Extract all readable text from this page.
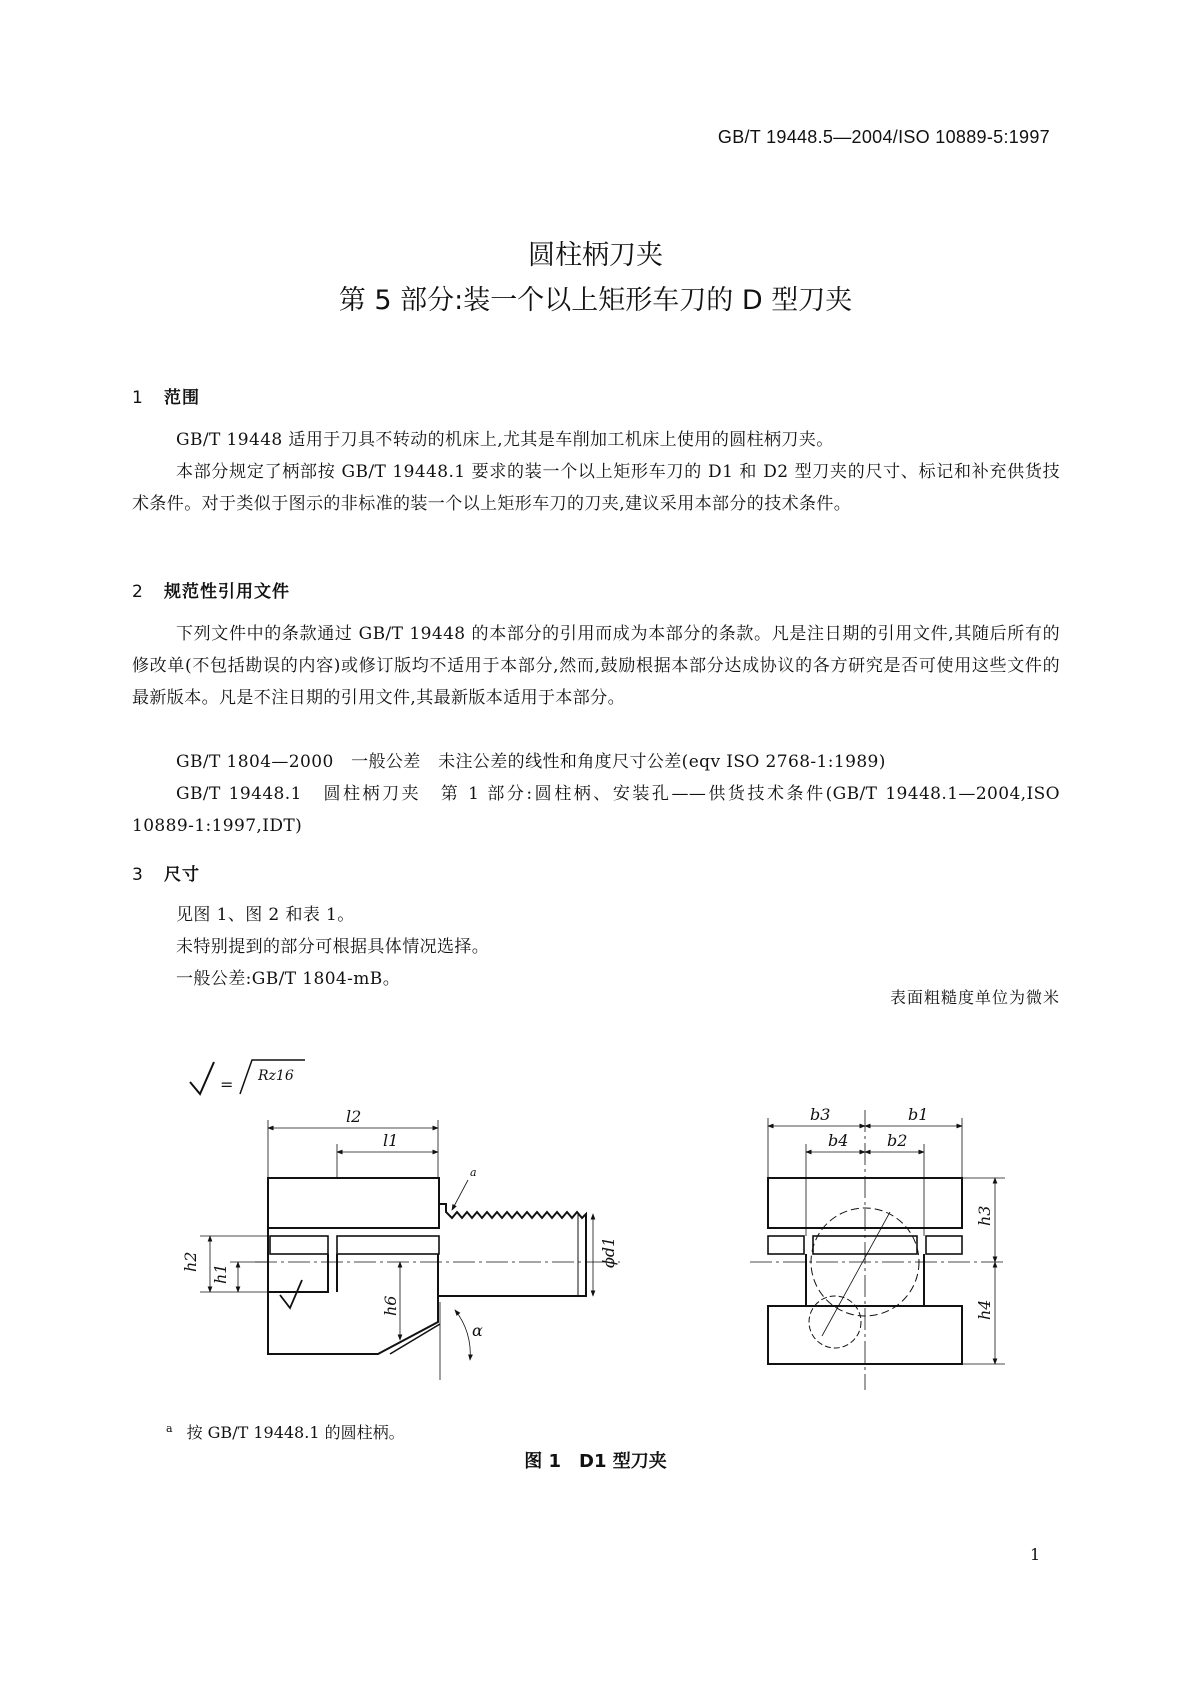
GB/T 19448.5—2004/ISO 10889-5:1997
圆柱柄刀夹
第 5 部分:装一个以上矩形车刀的 D 型刀夹
1 范围
GB/T 19448 适用于刀具不转动的机床上,尤其是车削加工机床上使用的圆柱柄刀夹。
本部分规定了柄部按 GB/T 19448.1 要求的装一个以上矩形车刀的 D1 和 D2 型刀夹的尺寸、标记和补充供货技术条件。对于类似于图示的非标准的装一个以上矩形车刀的刀夹,建议采用本部分的技术条件。
2 规范性引用文件
下列文件中的条款通过 GB/T 19448 的本部分的引用而成为本部分的条款。凡是注日期的引用文件,其随后所有的修改单(不包括勘误的内容)或修订版均不适用于本部分,然而,鼓励根据本部分达成协议的各方研究是否可使用这些文件的最新版本。凡是不注日期的引用文件,其最新版本适用于本部分。
GB/T 1804—2000　一般公差　未注公差的线性和角度尺寸公差(eqv ISO 2768-1:1989)
GB/T 19448.1　圆柱柄刀夹　第 1 部分:圆柱柄、安装孔——供货技术条件(GB/T 19448.1—2004,ISO 10889-1:1997,IDT)
3 尺寸
见图 1、图 2 和表 1。
未特别提到的部分可根据具体情况选择。
一般公差:GB/T 1804-mB。
表面粗糙度单位为微米
= Rz16
l2
l1
a
h2
h1
h6
ϕd1
α
b3	b1
b4 b2
h3
h4
$^a$ 按 GB/T 19448.1 的圆柱柄。
图 1　D1 型刀夹
1
